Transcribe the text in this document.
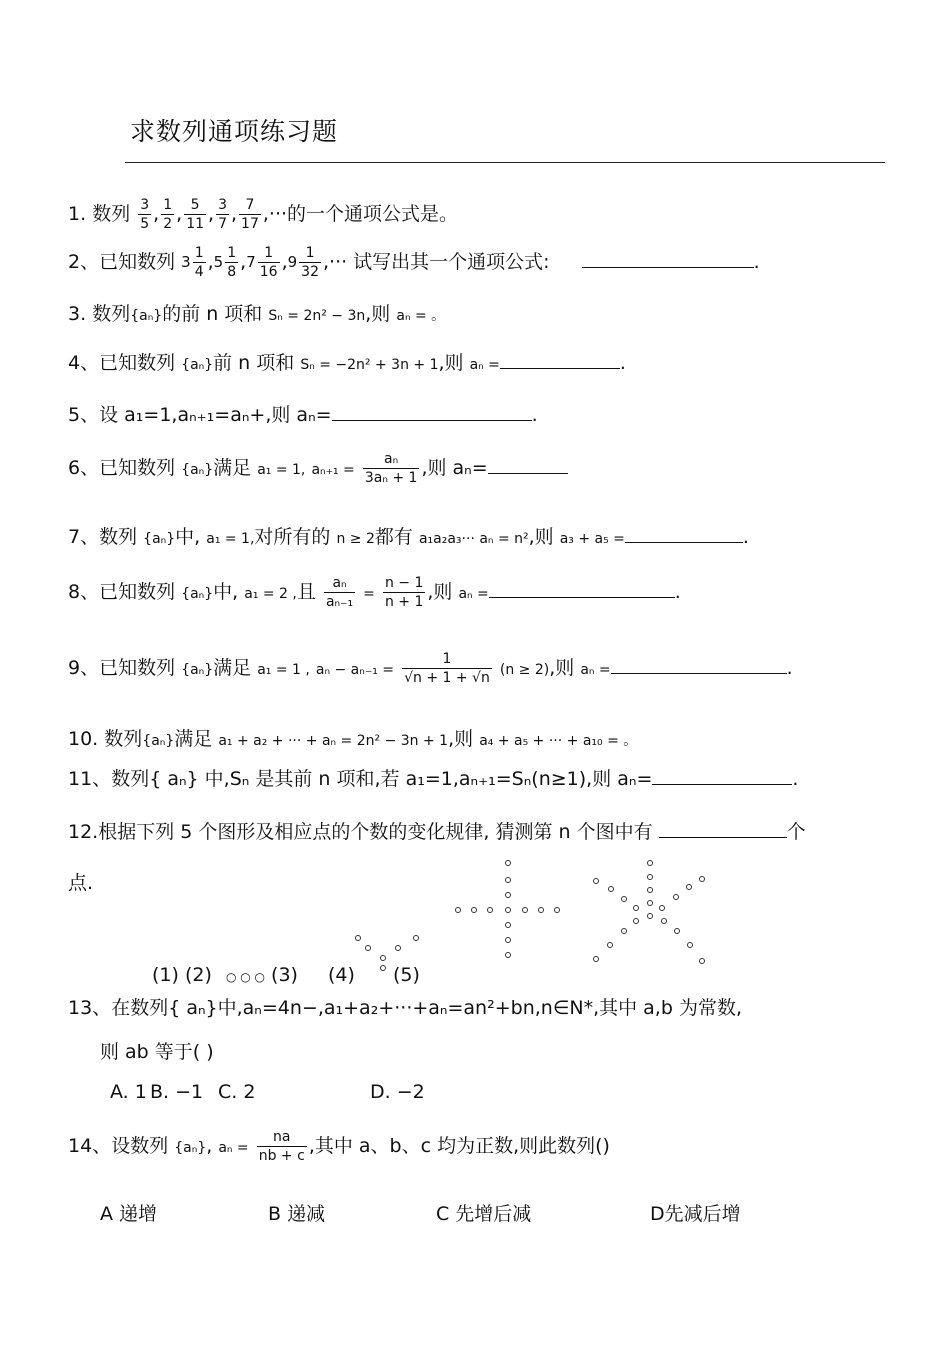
求数列通项练习题
1. 数列 $\frac{3}{5}$ , $\frac{1}{2}$ , $\frac{5}{11}$ , $\frac{3}{7}$ , $\frac{7}{17}$ ,···的一个通项公式是。
2、已知数列 $3 \frac{1}{4} ,5 \frac{1}{8} ,7 \frac{1}{16} ,9 \frac{1}{32}$ ,··· 试写出其一个通项公式:	.
3. 数列{aₙ}的前 n 项和 Sₙ = 2n² − 3n,则 aₙ = 。
4、已知数列 {aₙ}前 n 项和 Sₙ = −2n² + 3n + 1,则 aₙ =	.
5、设 a₁=1,aₙ₊₁=aₙ+,则 aₙ=	.
6、已知数列 {aₙ}满足 a₁ = 1, $a_{n+1} = \frac{\text{aₙ}}{\text{3aₙ + 1}}$ ,则 aₙ=
7、数列 {aₙ}中, a₁ = 1,对所有的 n ≥ 2都有 a₁a₂a₃··· aₙ = n²,则 a₃ + a₅ =	.
8、已知数列 {aₙ}中, a₁ = 2 ,且 $\frac{\text{aₙ}}{\text{aₙ₋₁}} = \frac{n - 1}{n + 1}$ ,则 aₙ =	.
9、已知数列 {aₙ}满足 a₁ = 1 , $a_n - a_{n-1} = \frac{1}{√n + 1 + √n} (n \ge 2)$,则 aₙ =	.
10. 数列{aₙ}满足 a₁ + a₂ + ··· + aₙ = 2n² − 3n + 1,则 a₄ + a₅ + ··· + a₁₀ = 。
11、数列{ aₙ} 中,Sₙ 是其前 n 项和,若 a₁=1,aₙ₊₁=Sₙ(n≥1),则 aₙ=	.
12.根据下列 5 个图形及相应点的个数的变化规律, 猜测第 n 个图中有	个
点.
(1) (2) ○ ○ ○ (3) (4) (5)
13、在数列{ aₙ}中,aₙ=4n−,a₁+a₂+···+aₙ=an²+bn,n∈N*,其中 a,b 为常数,
则 ab 等于( )
A. 1 B. −1 C. 2	D. −2
14、设数列 {aₙ}, $a_n = \frac{na}{nb + c}$ ,其中 a、b、c 均为正数,则此数列()
A 递增	B 递减	C 先增后减	D先减后增
